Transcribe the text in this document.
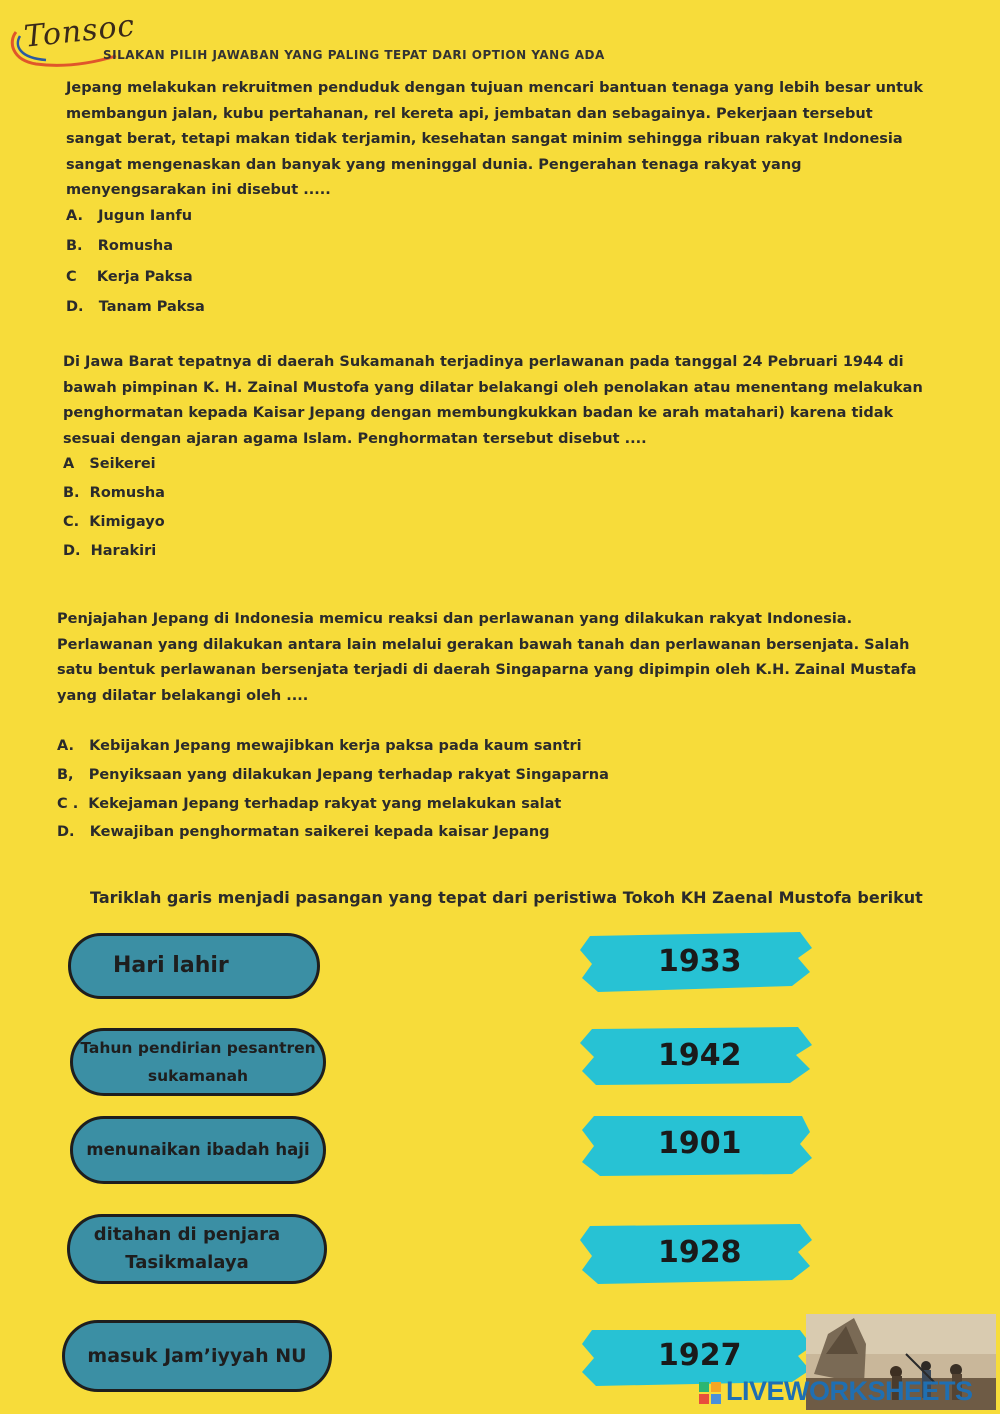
Tonsoc
SILAKAN PILIH JAWABAN YANG PALING TEPAT DARI OPTION YANG ADA
Jepang melakukan rekruitmen penduduk dengan tujuan mencari bantuan tenaga yang lebih besar untuk membangun jalan, kubu pertahanan, rel kereta api, jembatan dan sebagainya. Pekerjaan tersebut sangat berat, tetapi makan tidak terjamin, kesehatan sangat minim sehingga ribuan rakyat Indonesia sangat mengenaskan dan banyak yang meninggal dunia. Pengerahan tenaga rakyat yang menyengsarakan ini disebut .....
A.   Jugun Ianfu
B.   Romusha
C    Kerja Paksa
D.   Tanam Paksa
Di Jawa Barat tepatnya di daerah Sukamanah terjadinya perlawanan pada tanggal 24 Pebruari 1944 di bawah pimpinan K. H. Zainal Mustofa yang dilatar belakangi oleh penolakan atau menentang melakukan penghormatan kepada Kaisar Jepang dengan membungkukkan badan ke arah matahari) karena tidak sesuai dengan ajaran agama Islam. Penghormatan tersebut disebut ....
A   Seikerei
B.  Romusha
C.  Kimigayo
D.  Harakiri
Penjajahan Jepang di Indonesia memicu reaksi dan perlawanan yang dilakukan rakyat Indonesia. Perlawanan yang dilakukan antara lain melalui gerakan bawah tanah dan perlawanan bersenjata. Salah satu bentuk perlawanan bersenjata terjadi di daerah Singaparna yang dipimpin oleh K.H. Zainal Mustafa yang dilatar belakangi oleh ....
A.   Kebijakan Jepang mewajibkan kerja paksa pada kaum santri
B,   Penyiksaan yang dilakukan Jepang terhadap rakyat Singaparna
C .  Kekejaman Jepang terhadap rakyat yang melakukan salat
D.   Kewajiban penghormatan saikerei kepada kaisar Jepang
Tariklah garis menjadi pasangan yang tepat dari peristiwa Tokoh KH Zaenal Mustofa berikut
Hari lahir
Tahun pendirian pesantren sukamanah
menunaikan ibadah haji
ditahan di penjara Tasikmalaya
masuk Jam’iyyah NU
1933
1942
1901
1928
1927
LIVEWORKSHEETS
